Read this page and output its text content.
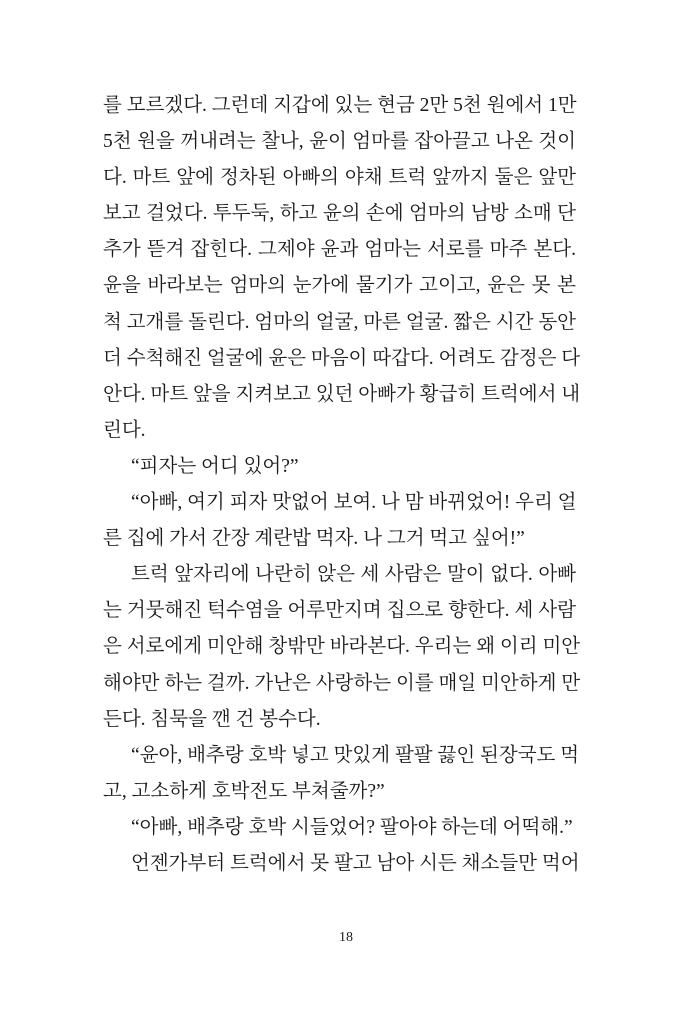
를 모르겠다. 그런데 지갑에 있는 현금 2만 5천 원에서 1만
5천 원을 꺼내려는 찰나, 윤이 엄마를 잡아끌고 나온 것이
다. 마트 앞에 정차된 아빠의 야채 트럭 앞까지 둘은 앞만
보고 걸었다. 투두둑, 하고 윤의 손에 엄마의 남방 소매 단
추가 뜯겨 잡힌다. 그제야 윤과 엄마는 서로를 마주 본다.
윤을 바라보는 엄마의 눈가에 물기가 고이고, 윤은 못 본
척 고개를 돌린다. 엄마의 얼굴, 마른 얼굴. 짧은 시간 동안
더 수척해진 얼굴에 윤은 마음이 따갑다. 어려도 감정은 다
안다. 마트 앞을 지켜보고 있던 아빠가 황급히 트럭에서 내
린다.
“피자는 어디 있어?”
“아빠, 여기 피자 맛없어 보여. 나 맘 바뀌었어! 우리 얼
른 집에 가서 간장 계란밥 먹자. 나 그거 먹고 싶어!”
트럭 앞자리에 나란히 앉은 세 사람은 말이 없다. 아빠
는 거뭇해진 턱수염을 어루만지며 집으로 향한다. 세 사람
은 서로에게 미안해 창밖만 바라본다. 우리는 왜 이리 미안
해야만 하는 걸까. 가난은 사랑하는 이를 매일 미안하게 만
든다. 침묵을 깬 건 봉수다.
“윤아, 배추랑 호박 넣고 맛있게 팔팔 끓인 된장국도 먹
고, 고소하게 호박전도 부쳐줄까?”
“아빠, 배추랑 호박 시들었어? 팔아야 하는데 어떡해.”
언젠가부터 트럭에서 못 팔고 남아 시든 채소들만 먹어
18
